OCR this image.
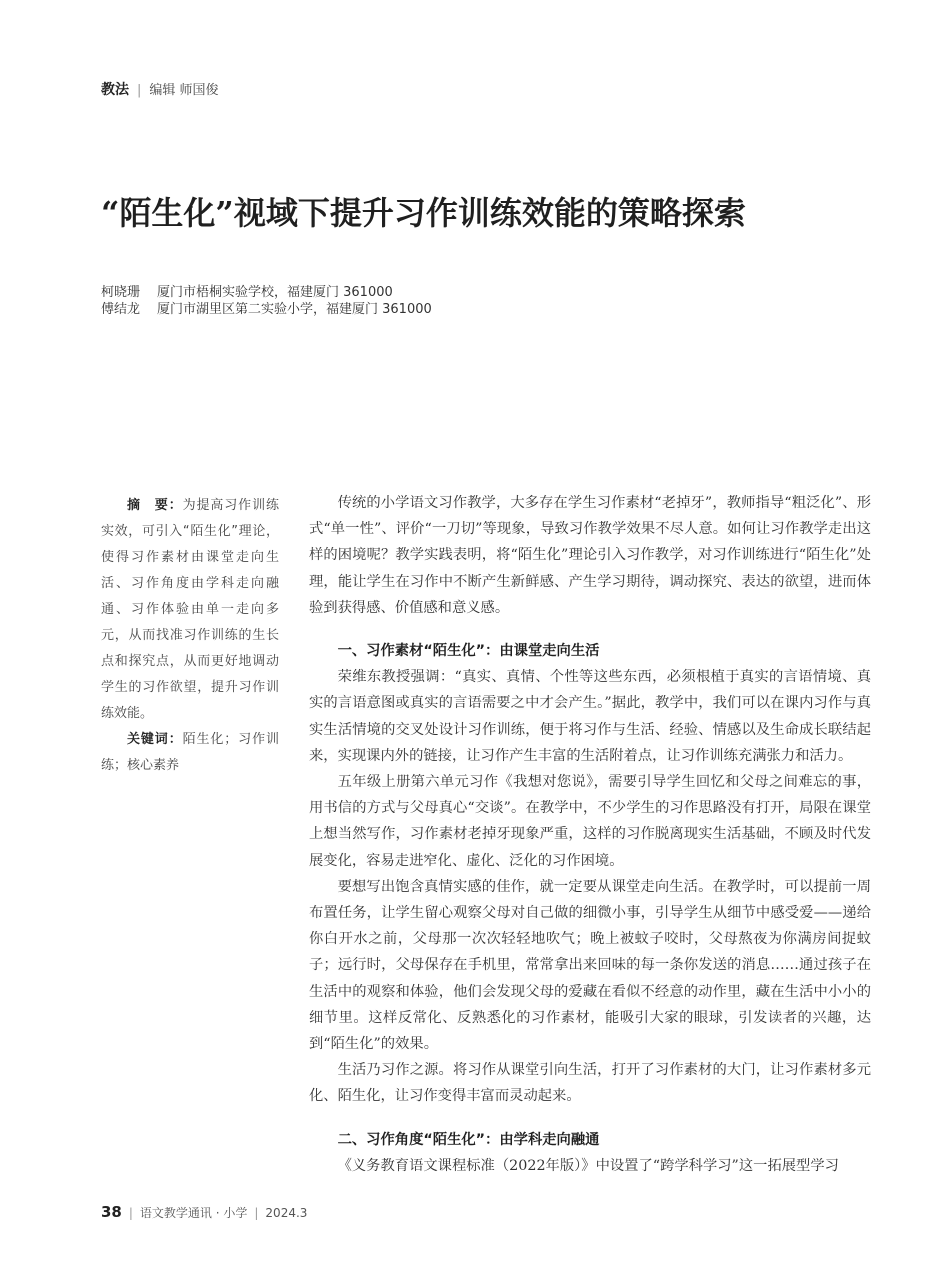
教法 | 编辑 师国俊
“陌生化”视域下提升习作训练效能的策略探索
柯晓珊 厦门市梧桐实验学校，福建厦门 361000
傅结龙 厦门市湖里区第二实验小学，福建厦门 361000

摘　要：为提高习作训练实效，可引入“陌生化”理论，使得习作素材由课堂走向生活、习作角度由学科走向融通、习作体验由单一走向多元，从而找准习作训练的生长点和探究点，从而更好地调动学生的习作欲望，提升习作训练效能。

关键词：陌生化；习作训练；核心素养

传统的小学语文习作教学，大多存在学生习作素材“老掉牙”，教师指导“粗泛化”、形式“单一性”、评价“一刀切”等现象，导致习作教学效果不尽人意。如何让习作教学走出这样的困境呢？教学实践表明，将“陌生化”理论引入习作教学，对习作训练进行“陌生化”处理，能让学生在习作中不断产生新鲜感、产生学习期待，调动探究、表达的欲望，进而体验到获得感、价值感和意义感。

一、习作素材“陌生化”：由课堂走向生活

荣维东教授强调：“真实、真情、个性等这些东西，必须根植于真实的言语情境、真实的言语意图或真实的言语需要之中才会产生。”据此，教学中，我们可以在课内习作与真实生活情境的交叉处设计习作训练，便于将习作与生活、经验、情感以及生命成长联结起来，实现课内外的链接，让习作产生丰富的生活附着点，让习作训练充满张力和活力。

五年级上册第六单元习作《我想对您说》，需要引导学生回忆和父母之间难忘的事，用书信的方式与父母真心“交谈”。在教学中，不少学生的习作思路没有打开，局限在课堂上想当然写作，习作素材老掉牙现象严重，这样的习作脱离现实生活基础，不顾及时代发展变化，容易走进窄化、虚化、泛化的习作困境。

要想写出饱含真情实感的佳作，就一定要从课堂走向生活。在教学时，可以提前一周布置任务，让学生留心观察父母对自己做的细微小事，引导学生从细节中感受爱——递给你白开水之前，父母那一次次轻轻地吹气；晚上被蚊子咬时，父母熬夜为你满房间捉蚊子；远行时，父母保存在手机里，常常拿出来回味的每一条你发送的消息……通过孩子在生活中的观察和体验，他们会发现父母的爱藏在看似不经意的动作里，藏在生活中小小的细节里。这样反常化、反熟悉化的习作素材，能吸引大家的眼球，引发读者的兴趣，达到“陌生化”的效果。

生活乃习作之源。将习作从课堂引向生活，打开了习作素材的大门，让习作素材多元化、陌生化，让习作变得丰富而灵动起来。

二、习作角度“陌生化”：由学科走向融通

《义务教育语文课程标准（2022年版）》中设置了“跨学科学习”这一拓展型学习

38 | 语文教学通讯 · 小学 | 2024.3
